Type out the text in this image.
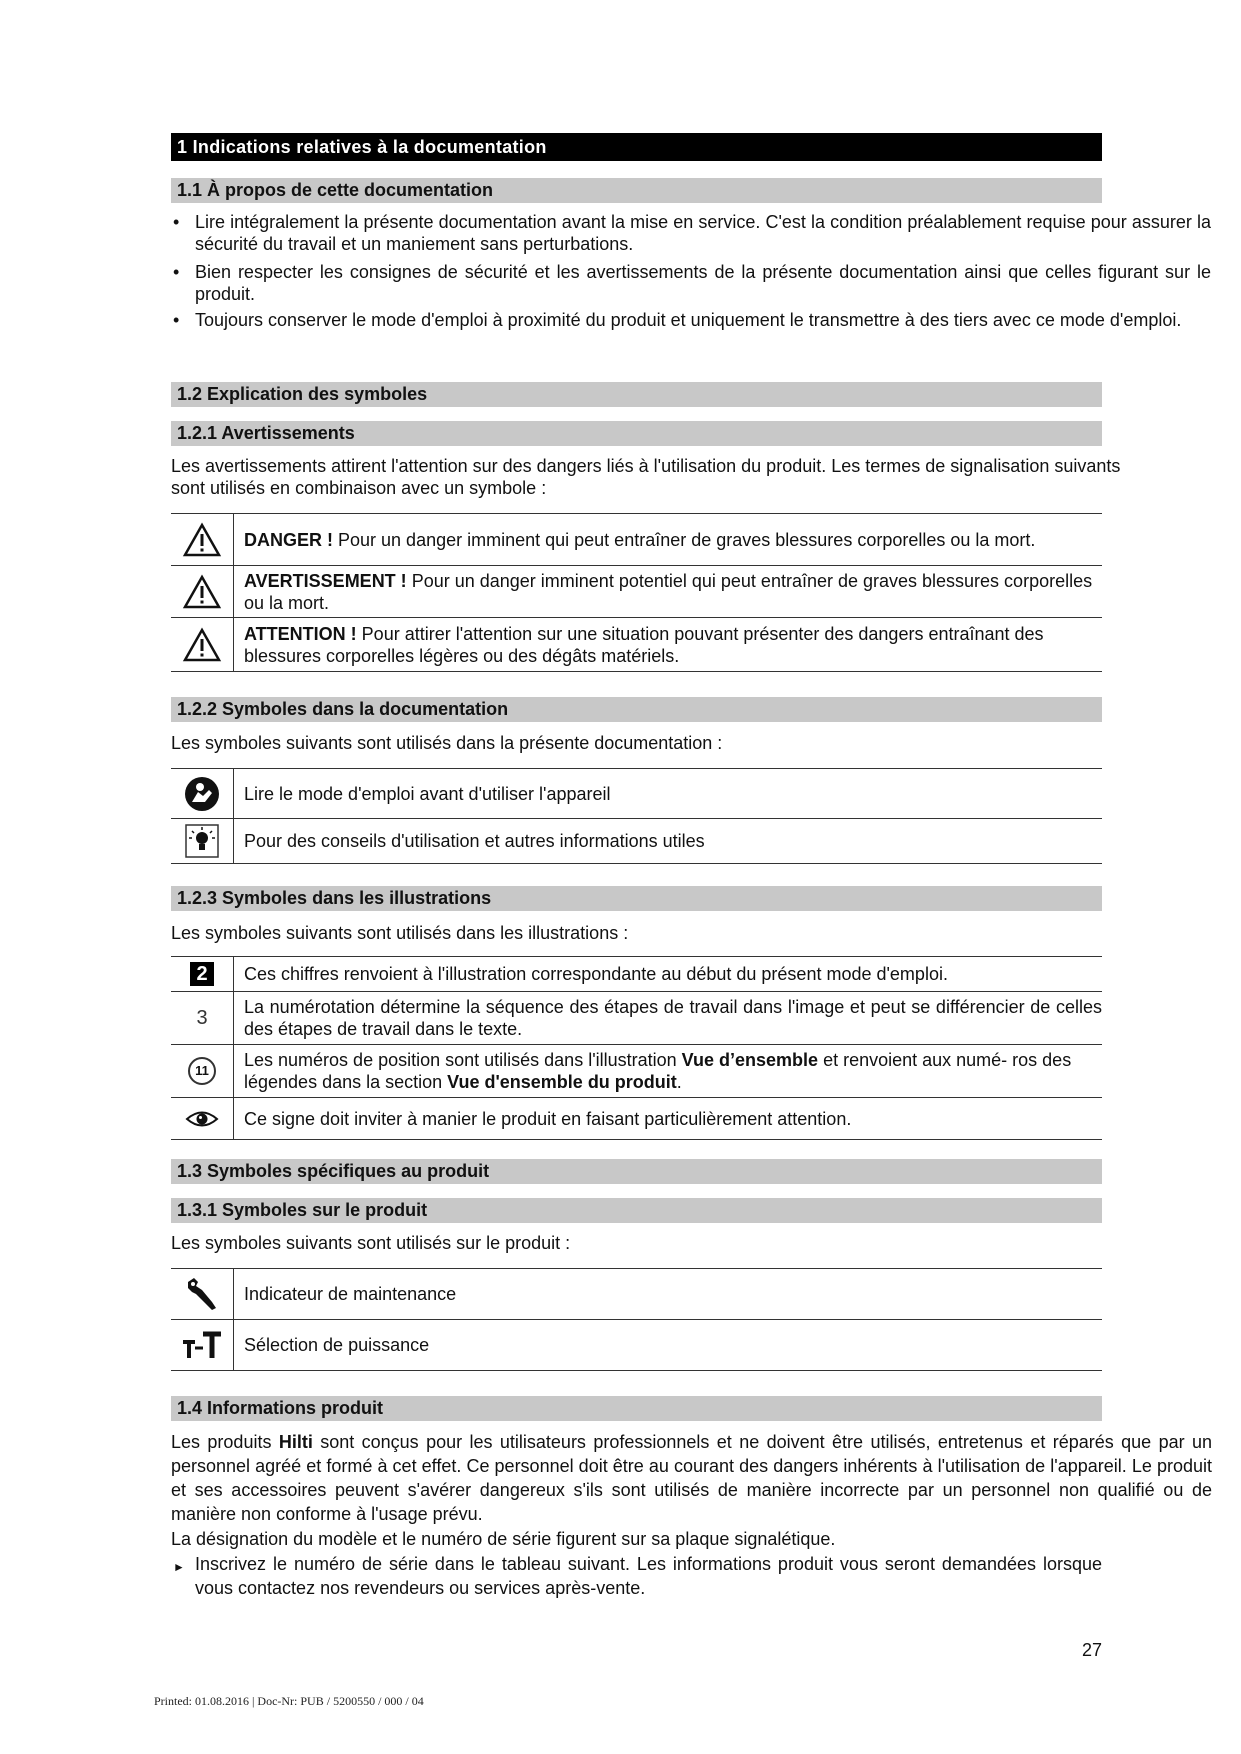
1 Indications relatives à la documentation
1.1 À propos de cette documentation
• Lire intégralement la présente documentation avant la mise en service. C'est la condition préalablement requise pour assurer la sécurité du travail et un maniement sans perturbations.
• Bien respecter les consignes de sécurité et les avertissements de la présente documentation ainsi que celles figurant sur le produit.
• Toujours conserver le mode d'emploi à proximité du produit et uniquement le transmettre à des tiers avec ce mode d'emploi.
1.2 Explication des symboles
1.2.1 Avertissements
Les avertissements attirent l'attention sur des dangers liés à l'utilisation du produit. Les termes de signalisation suivants sont utilisés en combinaison avec un symbole :
DANGER ! Pour un danger imminent qui peut entraîner de graves blessures corporelles ou la mort.
AVERTISSEMENT ! Pour un danger imminent potentiel qui peut entraîner de graves blessures corporelles ou la mort.
ATTENTION ! Pour attirer l'attention sur une situation pouvant présenter des dangers entraînant des blessures corporelles légères ou des dégâts matériels.
1.2.2 Symboles dans la documentation
Les symboles suivants sont utilisés dans la présente documentation :
Lire le mode d'emploi avant d'utiliser l'appareil
Pour des conseils d'utilisation et autres informations utiles
1.2.3 Symboles dans les illustrations
Les symboles suivants sont utilisés dans les illustrations :
2	Ces chiffres renvoient à l'illustration correspondante au début du présent mode d'emploi.
3	La numérotation détermine la séquence des étapes de travail dans l'image et peut se différencier de celles des étapes de travail dans le texte.
11
Les numéros de position sont utilisés dans l'illustration Vue d’ensemble et renvoient aux numé- ros des légendes dans la section Vue d'ensemble du produit.
Ce signe doit inviter à manier le produit en faisant particulièrement attention.
1.3 Symboles spécifiques au produit
1.3.1 Symboles sur le produit
Les symboles suivants sont utilisés sur le produit :
Indicateur de maintenance
Sélection de puissance
1.4 Informations produit
Les produits Hilti sont conçus pour les utilisateurs professionnels et ne doivent être utilisés, entretenus et réparés que par un personnel agréé et formé à cet effet. Ce personnel doit être au courant des dangers inhérents à l'utilisation de l'appareil. Le produit et ses accessoires peuvent s'avérer dangereux s'ils sont utilisés de manière incorrecte par un personnel non qualifié ou de manière non conforme à l'usage prévu.
La désignation du modèle et le numéro de série figurent sur sa plaque signalétique.
► Inscrivez le numéro de série dans le tableau suivant. Les informations produit vous seront demandées lorsque vous contactez nos revendeurs ou services après-vente.
27
Printed: 01.08.2016 | Doc-Nr: PUB / 5200550 / 000 / 04
